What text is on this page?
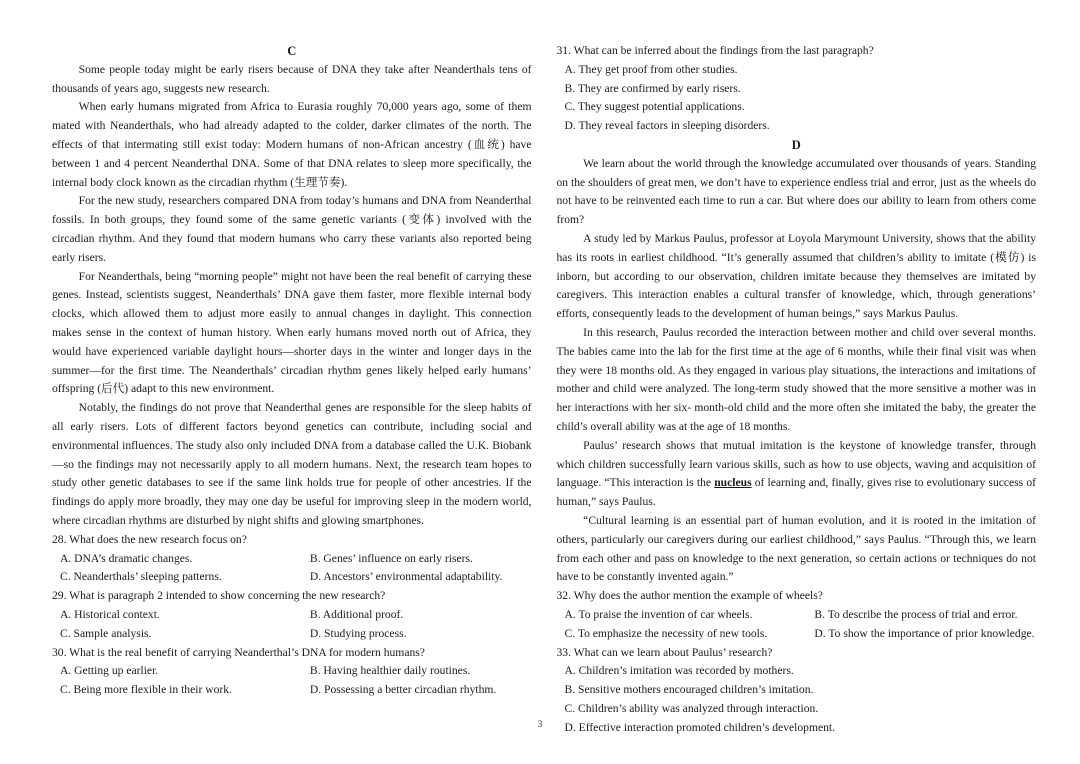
C

Some people today might be early risers because of DNA they take after Neanderthals tens of thousands of years ago, suggests new research.

When early humans migrated from Africa to Eurasia roughly 70,000 years ago, some of them mated with Neanderthals, who had already adapted to the colder, darker climates of the north. The effects of that intermating still exist today: Modern humans of non-African ancestry (血统) have between 1 and 4 percent Neanderthal DNA. Some of that DNA relates to sleep more specifically, the internal body clock known as the circadian rhythm (生理节奏).

For the new study, researchers compared DNA from today’s humans and DNA from Neanderthal fossils. In both groups, they found some of the same genetic variants (变体) involved with the circadian rhythm. And they found that modern humans who carry these variants also reported being early risers.

For Neanderthals, being “morning people” might not have been the real benefit of carrying these genes. Instead, scientists suggest, Neanderthals’ DNA gave them faster, more flexible internal body clocks, which allowed them to adjust more easily to annual changes in daylight. This connection makes sense in the context of human history. When early humans moved north out of Africa, they would have experienced variable daylight hours—shorter days in the winter and longer days in the summer—for the first time. The Neanderthals’ circadian rhythm genes likely helped early humans’ offspring (后代) adapt to this new environment.

Notably, the findings do not prove that Neanderthal genes are responsible for the sleep habits of all early risers. Lots of different factors beyond genetics can contribute, including social and environmental influences. The study also only included DNA from a database called the U.K. Biobank—so the findings may not necessarily apply to all modern humans. Next, the research team hopes to study other genetic databases to see if the same link holds true for people of other ancestries. If the findings do apply more broadly, they may one day be useful for improving sleep in the modern world, where circadian rhythms are disturbed by night shifts and glowing smartphones.

28. What does the new research focus on?
A. DNA’s dramatic changes.	B. Genes’ influence on early risers.
C. Neanderthals’ sleeping patterns.	D. Ancestors’ environmental adaptability.
29. What is paragraph 2 intended to show concerning the new research?
A. Historical context.	B. Additional proof.
C. Sample analysis.	D. Studying process.
30. What is the real benefit of carrying Neanderthal’s DNA for modern humans?
A. Getting up earlier.	B. Having healthier daily routines.
C. Being more flexible in their work.	D. Possessing a better circadian rhythm.
31. What can be inferred about the findings from the last paragraph?
A. They get proof from other studies.
B. They are confirmed by early risers.
C. They suggest potential applications.
D. They reveal factors in sleeping disorders.
D

We learn about the world through the knowledge accumulated over thousands of years. Standing on the shoulders of great men, we don’t have to experience endless trial and error, just as the wheels do not have to be reinvented each time to run a car. But where does our ability to learn from others come from?

A study led by Markus Paulus, professor at Loyola Marymount University, shows that the ability has its roots in earliest childhood. “It’s generally assumed that children’s ability to imitate (模仿) is inborn, but according to our observation, children imitate because they themselves are imitated by caregivers. This interaction enables a cultural transfer of knowledge, which, through generations’ efforts, consequently leads to the development of human beings,” says Markus Paulus.

In this research, Paulus recorded the interaction between mother and child over several months. The babies came into the lab for the first time at the age of 6 months, while their final visit was when they were 18 months old. As they engaged in various play situations, the interactions and imitations of mother and child were analyzed. The long-term study showed that the more sensitive a mother was in her interactions with her six- month-old child and the more often she imitated the baby, the greater the child’s overall ability was at the age of 18 months.

Paulus’ research shows that mutual imitation is the keystone of knowledge transfer, through which children successfully learn various skills, such as how to use objects, waving and acquisition of language. “This interaction is the nucleus of learning and, finally, gives rise to evolutionary success of human,” says Paulus.

“Cultural learning is an essential part of human evolution, and it is rooted in the imitation of others, particularly our caregivers during our earliest childhood,” says Paulus. “Through this, we learn from each other and pass on knowledge to the next generation, so certain actions or techniques do not have to be constantly invented again.”

32. Why does the author mention the example of wheels?
A. To praise the invention of car wheels.	B. To describe the process of trial and error.
C. To emphasize the necessity of new tools.	D. To show the importance of prior knowledge.
33. What can we learn about Paulus’ research?
A. Children’s imitation was recorded by mothers.
B. Sensitive mothers encouraged children’s imitation.
C. Children’s ability was analyzed through interaction.
D. Effective interaction promoted children’s development.
3
